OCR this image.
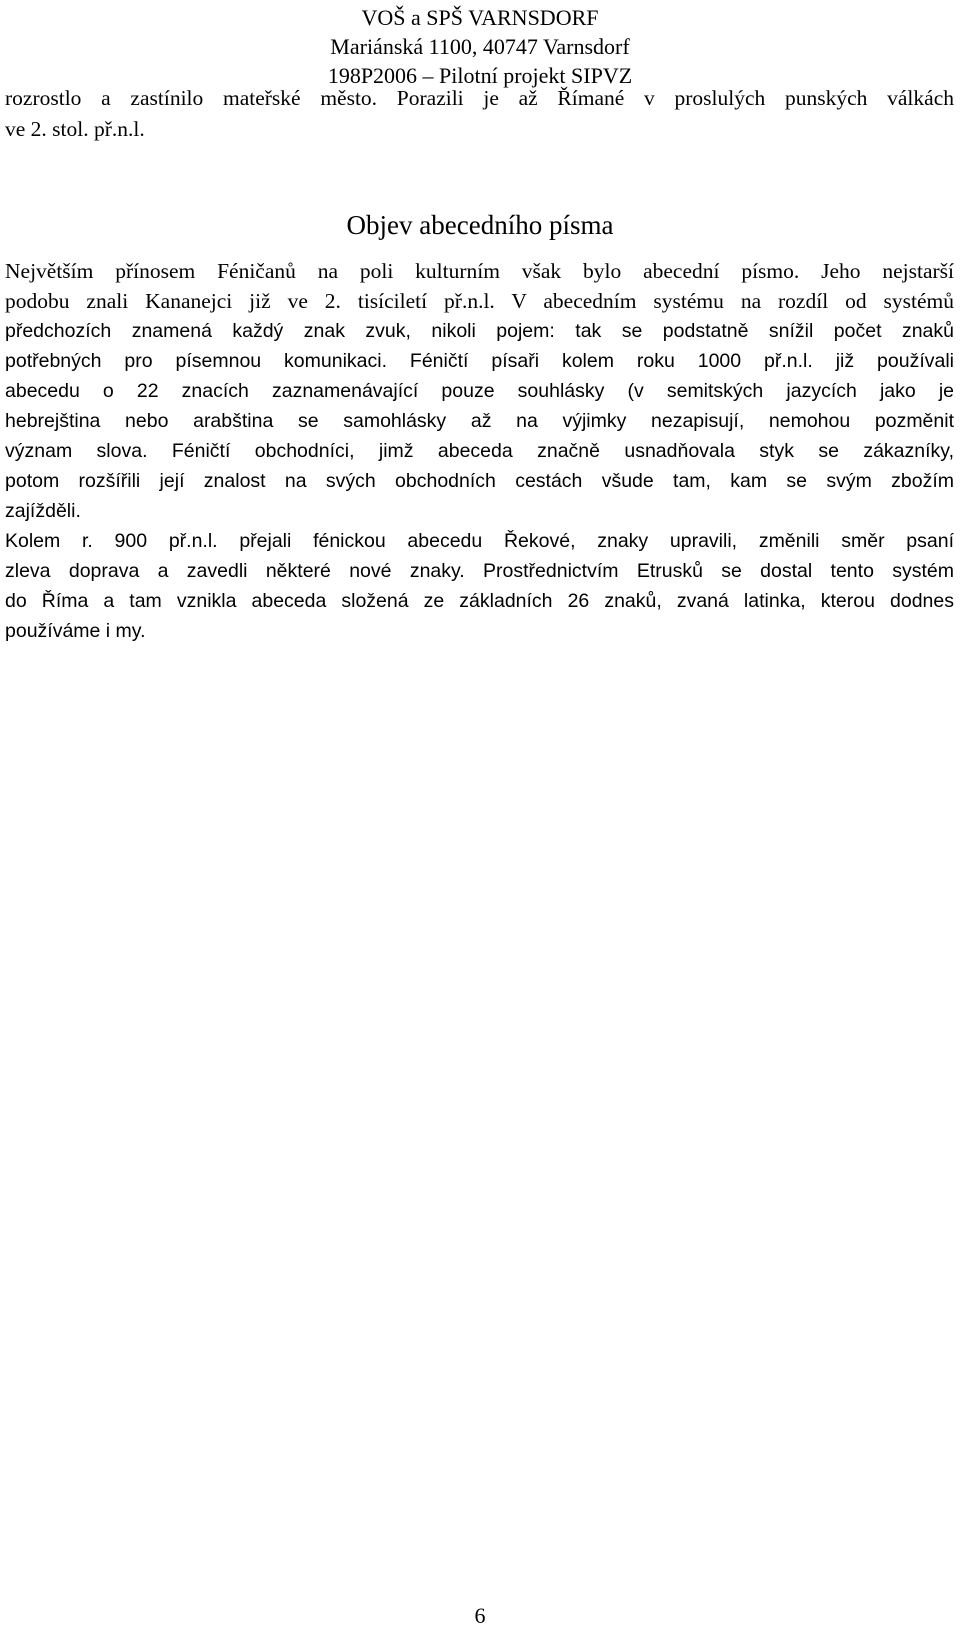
VOŠ a SPŠ VARNSDORF
Mariánská 1100, 40747 Varnsdorf
198P2006 – Pilotní projekt SIPVZ
rozrostlo a zastínilo mateřské město. Porazili je až Římané v proslulých punských válkách
ve 2. stol. př.n.l.
Objev abecedního písma
Největším přínosem Féničanů na poli kulturním však bylo abecední písmo. Jeho nejstarší
podobu znali Kananejci již ve 2. tisíciletí př.n.l. V abecedním systému na rozdíl od systémů
předchozích znamená každý znak zvuk, nikoli pojem: tak se podstatně snížil počet znaků
potřebných pro písemnou komunikaci. Féničtí písaři kolem roku 1000 př.n.l. již používali
abecedu o 22 znacích zaznamenávající pouze souhlásky (v semitských jazycích jako je
hebrejština nebo arabština se samohlásky až na výjimky nezapisují, nemohou pozměnit
význam slova. Féničtí obchodníci, jimž abeceda značně usnadňovala styk se zákazníky,
potom rozšířili její znalost na svých obchodních cestách všude tam, kam se svým zbožím
zajížděli.
Kolem r. 900 př.n.l. přejali fénickou abecedu Řekové, znaky upravili, změnili směr psaní
zleva doprava a zavedli některé nové znaky. Prostřednictvím Etrusků se dostal tento systém
do Říma a tam vznikla abeceda složená ze základních 26 znaků, zvaná latinka, kterou dodnes
používáme i my.
6
